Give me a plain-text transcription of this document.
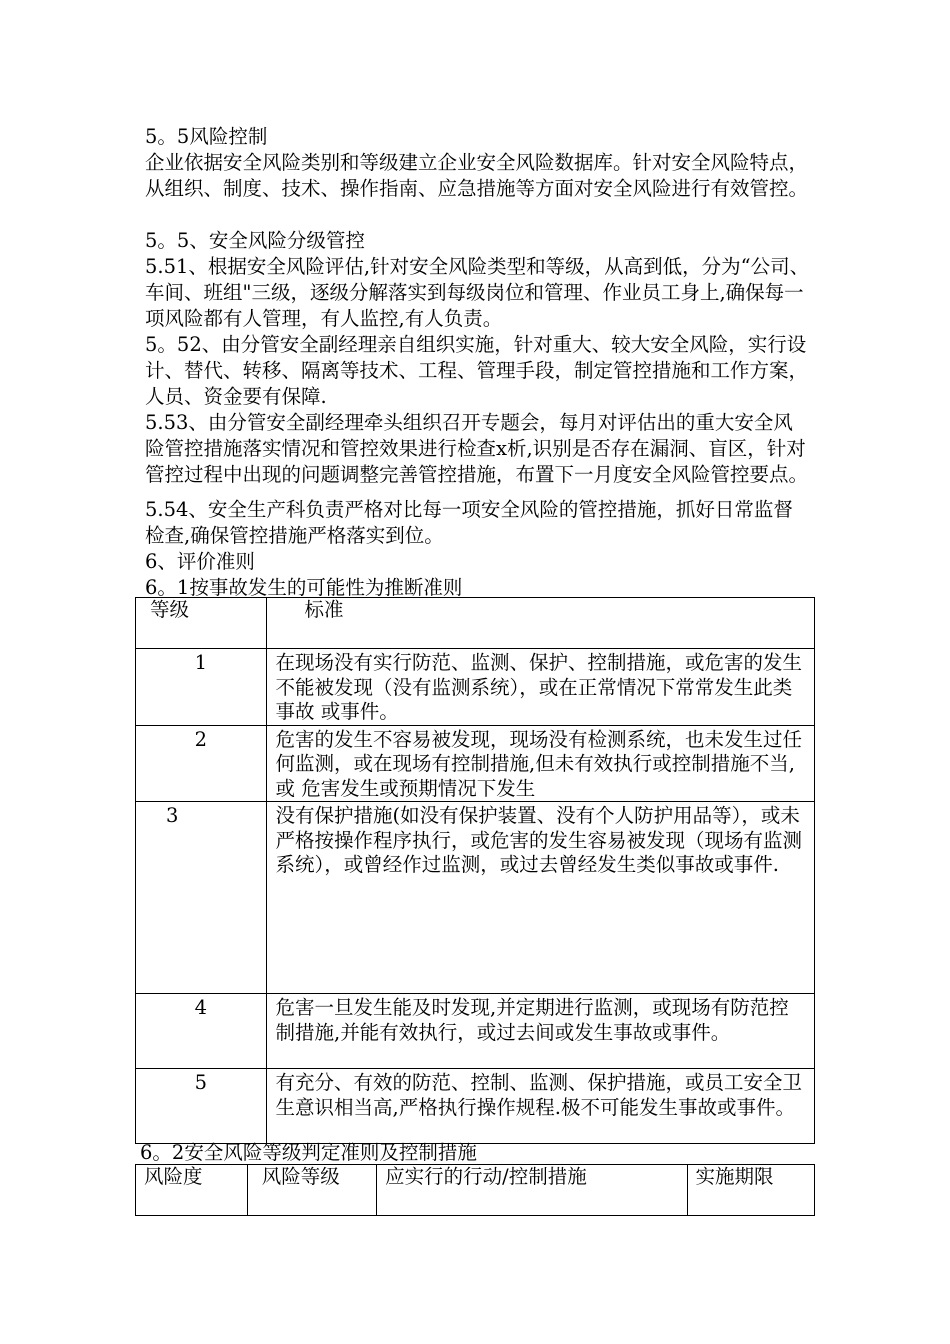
5。5风险控制

企业依据安全风险类别和等级建立企业安全风险数据库。针对安全风险特点，从组织、制度、技术、操作指南、应急措施等方面对安全风险进行有效管控。

5。5、安全风险分级管控

5.51、根据安全风险评估,针对安全风险类型和等级，从高到低，分为“公司、车间、班组"三级，逐级分解落实到每级岗位和管理、作业员工身上,确保每一项风险都有人管理，有人监控,有人负责。

5。52、由分管安全副经理亲自组织实施，针对重大、较大安全风险，实行设计、替代、转移、隔离等技术、工程、管理手段，制定管控措施和工作方案，人员、资金要有保障.

5.53、由分管安全副经理牵头组织召开专题会，每月对评估出的重大安全风险管控措施落实情况和管控效果进行检查x析,识别是否存在漏洞、盲区，针对管控过程中出现的问题调整完善管控措施，布置下一月度安全风险管控要点。

5.54、安全生产科负责严格对比每一项安全风险的管控措施，抓好日常监督检查,确保管控措施严格落实到位。

6、评价准则

6。1按事故发生的可能性为推断准则

等级	标准
1	在现场没有实行防范、监测、保护、控制措施，或危害的发生不能被发现（没有监测系统），或在正常情况下常常发生此类事故 或事件。
2	危害的发生不容易被发现，现场没有检测系统，也未发生过任何监测，或在现场有控制措施,但未有效执行或控制措施不当,或 危害发生或预期情况下发生
3	没有保护措施(如没有保护装置、没有个人防护用品等），或未严格按操作程序执行，或危害的发生容易被发现（现场有监测系统），或曾经作过监测，或过去曾经发生类似事故或事件.
4	危害一旦发生能及时发现,并定期进行监测，或现场有防范控制措施,并能有效执行，或过去间或发生事故或事件。
5	有充分、有效的防范、控制、监测、保护措施，或员工安全卫生意识相当高,严格执行操作规程.极不可能发生事故或事件。

6。2安全风险等级判定准则及控制措施

风险度	风险等级	应实行的行动/控制措施	实施期限
